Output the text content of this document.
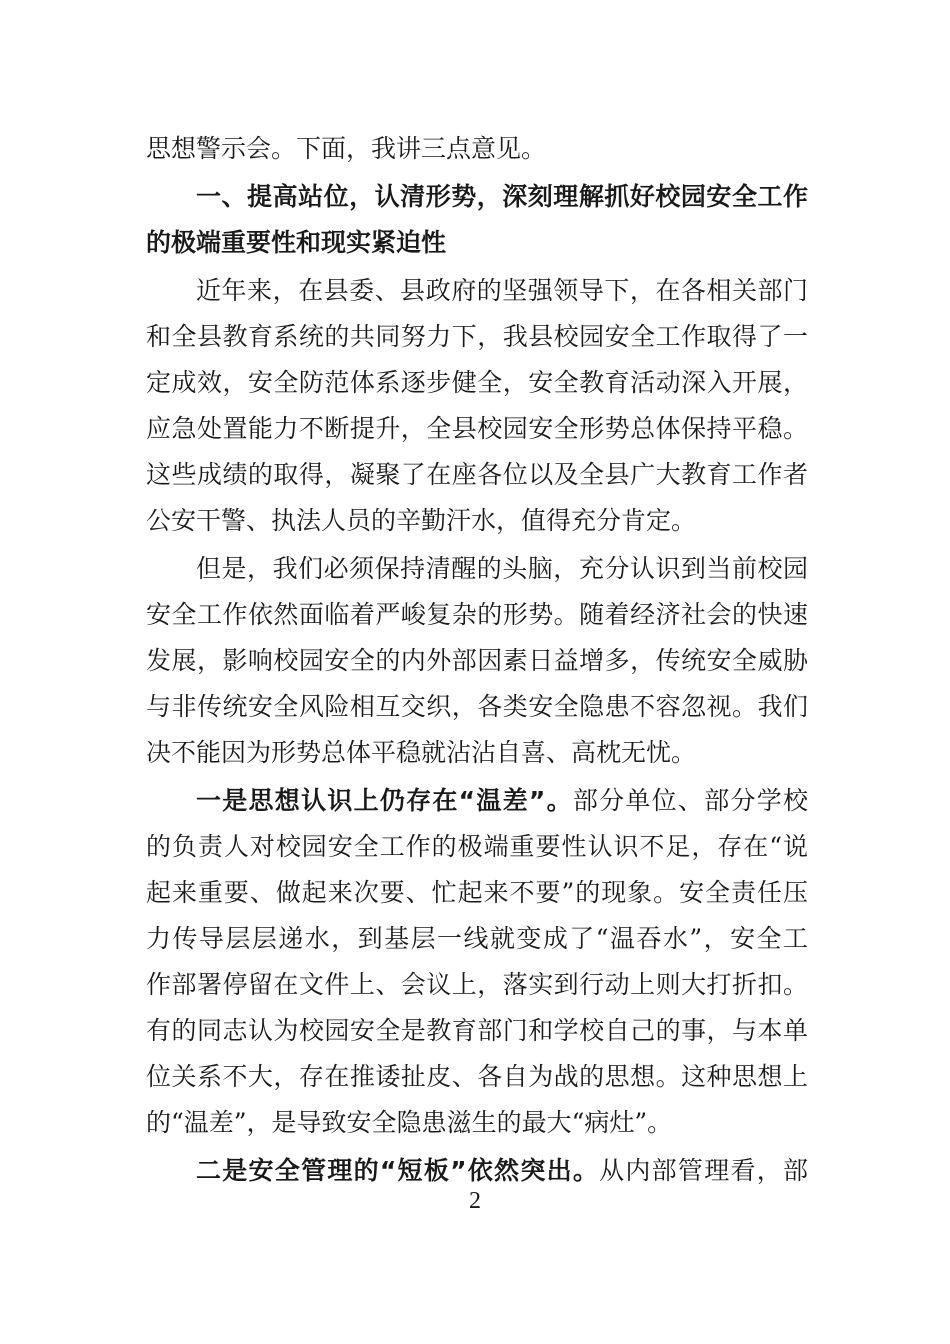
思想警示会。下面，我讲三点意见。
一、提高站位，认清形势，深刻理解抓好校园安全工作
的极端重要性和现实紧迫性
近年来，在县委、县政府的坚强领导下，在各相关部门
和全县教育系统的共同努力下，我县校园安全工作取得了一
定成效，安全防范体系逐步健全，安全教育活动深入开展，
应急处置能力不断提升，全县校园安全形势总体保持平稳。
这些成绩的取得，凝聚了在座各位以及全县广大教育工作者
公安干警、执法人员的辛勤汗水，值得充分肯定。
但是，我们必须保持清醒的头脑，充分认识到当前校园
安全工作依然面临着严峻复杂的形势。随着经济社会的快速
发展，影响校园安全的内外部因素日益增多，传统安全威胁
与非传统安全风险相互交织，各类安全隐患不容忽视。我们
决不能因为形势总体平稳就沾沾自喜、高枕无忧。
一是思想认识上仍存在“温差”。部分单位、部分学校
的负责人对校园安全工作的极端重要性认识不足，存在“说
起来重要、做起来次要、忙起来不要”的现象。安全责任压
力传导层层递水，到基层一线就变成了“温吞水”，安全工
作部署停留在文件上、会议上，落实到行动上则大打折扣。
有的同志认为校园安全是教育部门和学校自己的事，与本单
位关系不大，存在推诿扯皮、各自为战的思想。这种思想上
的“温差”，是导致安全隐患滋生的最大“病灶”。
二是安全管理的“短板”依然突出。从内部管理看，部
2
